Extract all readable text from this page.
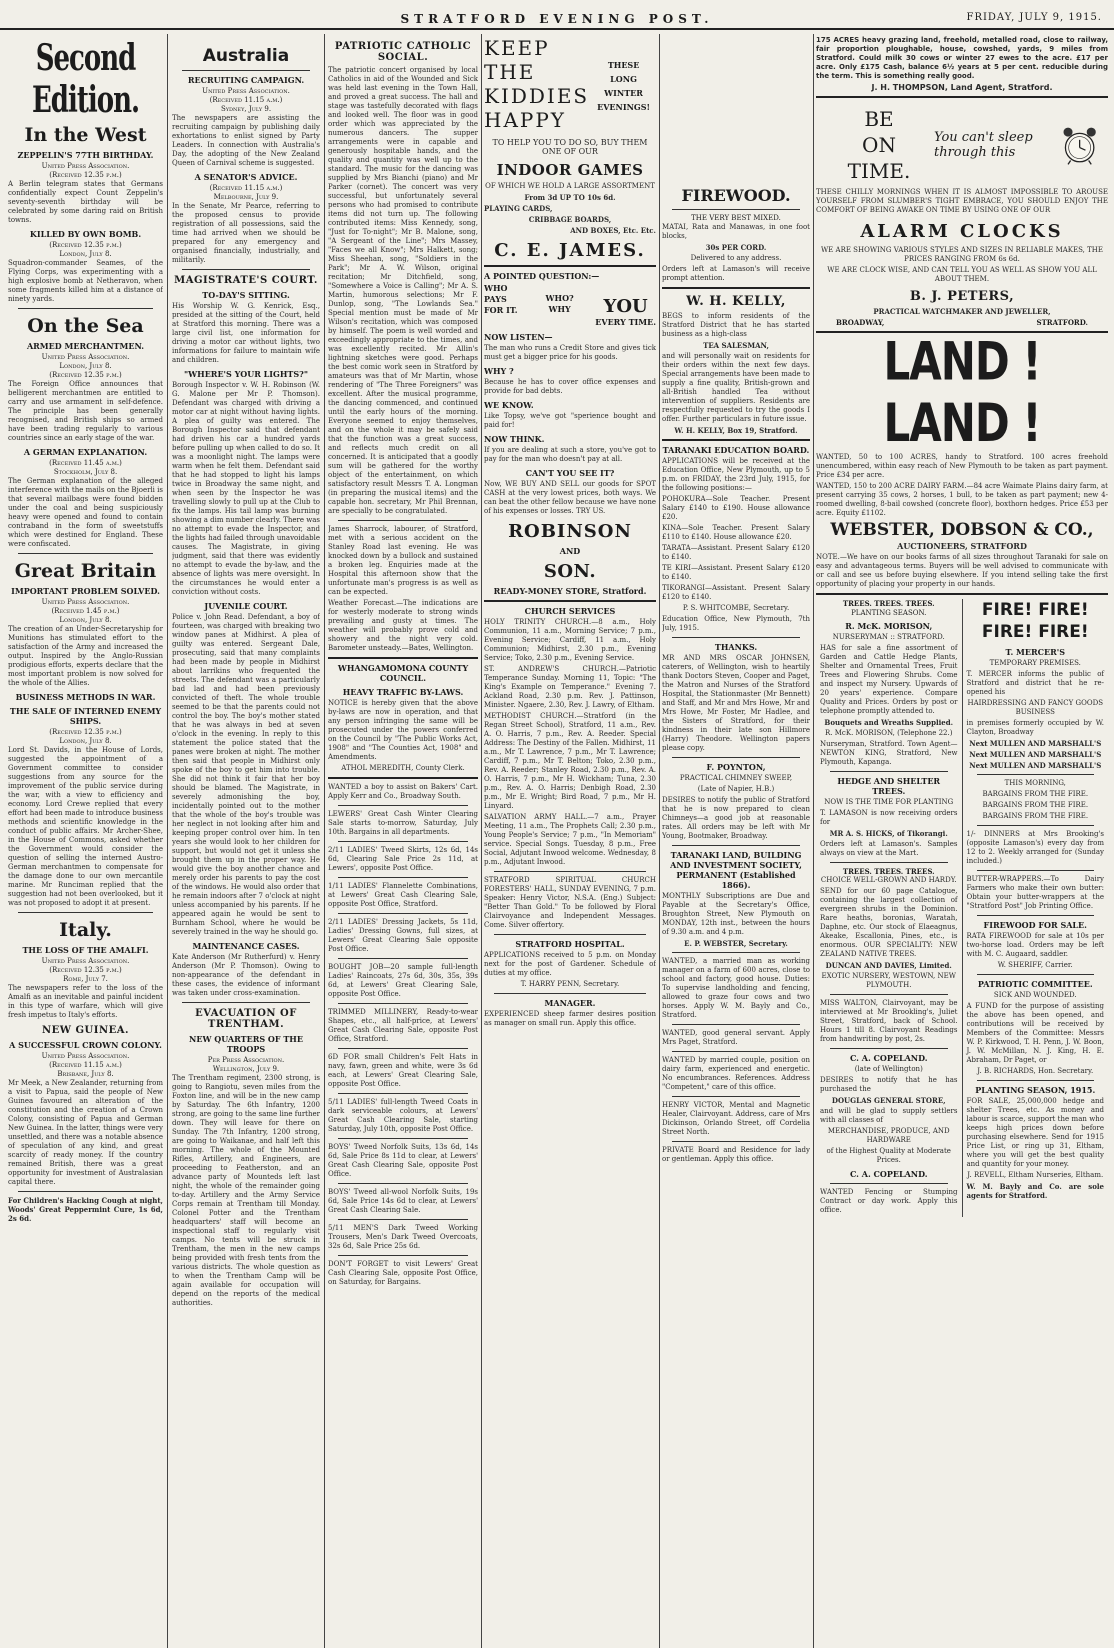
STRATFORD EVENING POST.	FRIDAY, JULY 9, 1915.
Second Edition.
In the West
ZEPPELIN'S 77TH BIRTHDAY.
United Press Association.
(Received 12.35 p.m.)

A Berlin telegram states that Germans confidentially expect Count Zeppelin's seventy-seventh birthday will be celebrated by some daring raid on British towns.

KILLED BY OWN BOMB.
(Received 12.35 p.m.)
London, July 8.

Squadron-commander Seames, of the Flying Corps, was experimenting with a high explosive bomb at Netheravon, when some fragments killed him at a distance of ninety yards.

On the Sea
ARMED MERCHANTMEN.
United Press Association.
London, July 8.
(Received 12.35 p.m.)

The Foreign Office announces that belligerent merchantmen are entitled to carry and use armament in self-defence. The principle has been generally recognised, and British ships so armed have been trading regularly to various countries since an early stage of the war.

A GERMAN EXPLANATION.
(Received 11.45 a.m.)
Stockholm, July 8.

The German explanation of the alleged interference with the mails on the Bjoerli is that several mailbags were found bidden under the coal and being suspiciously heavy were opened and found to contain contraband in the form of sweetstuffs which were destined for England. These were confiscated.

Great Britain
IMPORTANT PROBLEM SOLVED.
United Press Association.
(Received 1.45 p.m.)
London, July 8.

The creation of an Under-Secretaryship for Munitions has stimulated effort to the satisfaction of the Army and increased the output. Inspired by the Anglo-Russian prodigious efforts, experts declare that the most important problem is now solved for the whole of the Allies.

BUSINESS METHODS IN WAR.
THE SALE OF INTERNED ENEMY SHIPS.
(Received 12.35 p.m.)
London, July 8.

Lord St. Davids, in the House of Lords, suggested the appointment of a Government committee to consider suggestions from any source for the improvement of the public service during the war, with a view to efficiency and economy. Lord Crewe replied that every effort had been made to introduce business methods and scientific knowledge in the conduct of public affairs. Mr Archer-Shee, in the House of Commons, asked whether the Government would consider the question of selling the interned Austro-German merchantmen to compensate for the damage done to our own mercantile marine. Mr Runciman replied that the suggestion had not been overlooked, but it was not proposed to adopt it at present.

Italy.
THE LOSS OF THE AMALFI.
United Press Association.
(Received 12.35 p.m.)
Rome, July 7.

The newspapers refer to the loss of the Amalfi as an inevitable and painful incident in this type of warfare, which will give fresh impetus to Italy's efforts.

NEW GUINEA.
A SUCCESSFUL CROWN COLONY.
United Press Association.
(Received 11.15 a.m.)
Brisbane, July 8.

Mr Meek, a New Zealander, returning from a visit to Papua, said the people of New Guinea favoured an alteration of the constitution and the creation of a Crown Colony, consisting of Papua and German New Guinea. In the latter, things were very unsettled, and there was a notable absence of speculation of any kind, and great scarcity of ready money. If the country remained British, there was a great opportunity for investment of Australasian capital there.

For Children's Hacking Cough at night, Woods' Great Peppermint Cure, 1s 6d, 2s 6d.

Australia
RECRUITING CAMPAIGN.
United Press Association.
(Received 11.15 a.m.)
Sydney, July 9.

The newspapers are assisting the recruiting campaign by publishing daily exhortations to enlist signed by Party Leaders. In connection with Australia's Day, the adopting of the New Zealand Queen of Carnival scheme is suggested.

A SENATOR'S ADVICE.
(Received 11.15 a.m.)
Melbourne, July 9.

In the Senate, Mr Pearce, referring to the proposed census to provide registration of all possessions, said the time had arrived when we should be prepared for any emergency and organised financially, industrially, and militarily.

MAGISTRATE'S COURT.
TO-DAY'S SITTING.

His Worship W. G. Kenrick, Esq., presided at the sitting of the Court, held at Stratford this morning. There was a large civil list, one information for driving a motor car without lights, two informations for failure to maintain wife and children.

"WHERE'S YOUR LIGHTS?"

Borough Inspector v. W. H. Robinson (W. G. Malone per Mr P. Thomson). Defendant was charged with driving a motor car at night without having lights. A plea of guilty was entered. The Borough Inspector said that defendant had driven his car a hundred yards before pulling up when called to do so. It was a moonlight night. The lamps were warm when he felt them. Defendant said that he had stopped to light his lamps twice in Broadway the same night, and when seen by the Inspector he was travelling slowly to pull up at the Club to fix the lamps. His tail lamp was burning showing a dim number clearly. There was no attempt to evade the Inspector, and the lights had failed through unavoidable causes. The Magistrate, in giving judgment, said that there was evidently no attempt to evade the by-law, and the absence of lights was mere oversight. In the circumstances he would enter a conviction without costs.

JUVENILE COURT.

Police v. John Read. Defendant, a boy of fourteen, was charged with breaking two window panes at Midhirst. A plea of guilty was entered. Sergeant Dale, prosecuting, said that many complaints had been made by people in Midhirst about larrikins who frequented the streets. The defendant was a particularly bad lad and had been previously convicted of theft. The whole trouble seemed to be that the parents could not control the boy. The boy's mother stated that he was always in bed at seven o'clock in the evening. In reply to this statement the police stated that the panes were broken at night. The mother then said that people in Midhirst only spoke of the boy to get him into trouble. She did not think it fair that her boy should be blamed. The Magistrate, in severely admonishing the boy, incidentally pointed out to the mother that the whole of the boy's trouble was her neglect in not looking after him and keeping proper control over him. In ten years she would look to her children for support, but would not get it unless she brought them up in the proper way. He would give the boy another chance and merely order his parents to pay the cost of the windows. He would also order that he remain indoors after 7 o'clock at night unless accompanied by his parents. If he appeared again he would be sent to Burnham School, where he would be severely trained in the way he should go.

MAINTENANCE CASES.

Kate Anderson (Mr Rutherfurd) v. Henry Anderson (Mr P. Thomson). Owing to non-appearance of the defendant in these cases, the evidence of informant was taken under cross-examination.

EVACUATION OF TRENTHAM.
NEW QUARTERS OF THE TROOPS
Per Press Association.
Wellington, July 9.

The Trentham regiment, 2300 strong, is going to Rangiotu, seven miles from the Foxton line, and will be in the new camp by Saturday. The 6th Infantry, 1200 strong, are going to the same line further down. They will leave for there on Sunday. The 7th Infantry, 1200 strong, are going to Waikanae, and half left this morning. The whole of the Mounted Rifles, Artillery, and Engineers, are proceeding to Featherston, and an advance party of Mounteds left last night, the whole of the remainder going to-day. Artillery and the Army Service Corps remain at Trentham till Monday. Colonel Potter and the Trentham headquarters' staff will become an inspectional staff to regularly visit camps. No tents will be struck in Trentham, the men in the new camps being provided with fresh tents from the various districts. The whole question as to when the Trentham Camp will be again available for occupation will depend on the reports of the medical authorities.

PATRIOTIC CATHOLIC SOCIAL.

The patriotic concert organised by local Catholics in aid of the Wounded and Sick was held last evening in the Town Hall, and proved a great success. The hall and stage was tastefully decorated with flags and looked well. The floor was in good order which was appreciated by the numerous dancers. The supper arrangements were in capable and generously hospitable hands, and the quality and quantity was well up to the standard. The music for the dancing was supplied by Mrs Bianchi (piano) and Mr Parker (cornet). The concert was very successful, but unfortunately several persons who had promised to contribute items did not turn up. The following contributed items: Miss Kennedy, song, "Just for To-night"; Mr B. Malone, song, "A Sergeant of the Line"; Mrs Massey, "Faces we all Know"; Mrs Halkett, song; Miss Sheehan, song, "Soldiers in the Park"; Mr A. W. Wilson, original recitation; Mr Ditchfield, song, "Somewhere a Voice is Calling"; Mr A. S. Martin, humorous selections; Mr F. Dunlop, song, "The Lowlands Sea." Special mention must be made of Mr Wilson's recitation, which was composed by himself. The poem is well worded and exceedingly appropriate to the times, and was excellently recited. Mr Allin's lightning sketches were good. Perhaps the best comic work seen in Stratford by amateurs was that of Mr Martin, whose rendering of "The Three Foreigners" was excellent. After the musical programme, the dancing commenced, and continued until the early hours of the morning. Everyone seemed to enjoy themselves, and on the whole it may be safely said that the function was a great success, and reflects much credit on all concerned. It is anticipated that a goodly sum will be gathered for the worthy object of the entertainment, on which satisfactory result Messrs T. A. Longman (in preparing the musical items) and the capable hon. secretary, Mr Phil Brennan, are specially to be congratulated.

James Sharrock, labourer, of Stratford, met with a serious accident on the Stanley Road last evening. He was knocked down by a bullock and sustained a broken leg. Enquiries made at the Hospital this afternoon show that the unfortunate man's progress is as well as can be expected.

Weather Forecast.—The indications are for westerly moderate to strong winds prevailing and gusty at times. The weather will probably prove cold and showery and the night very cold. Barometer unsteady.—Bates, Wellington.

WHANGAMOMONA COUNTY COUNCIL.
HEAVY TRAFFIC BY-LAWS.

NOTICE is hereby given that the above by-laws are now in operation, and that any person infringing the same will be prosecuted under the powers conferred on the Council by "The Public Works Act, 1908" and "The Counties Act, 1908" and Amendments.

ATHOL MEREDITH, County Clerk.

WANTED a boy to assist on Bakers' Cart. Apply Kerr and Co., Broadway South.

LEWERS' Great Cash Winter Clearing Sale starts to-morrow, Saturday, July 10th. Bargains in all departments.

2/11 LADIES' Tweed Skirts, 12s 6d, 14s 6d, Clearing Sale Price 2s 11d, at Lewers', opposite Post Office.

1/11 LADIES' Flannelette Combinations, at Lewers' Great Cash Clearing Sale, opposite Post Office, Stratford.

2/11 LADIES' Dressing Jackets, 5s 11d, Ladies' Dressing Gowns, full sizes, at Lewers' Great Clearing Sale opposite Post Office.

BOUGHT JOB—20 sample full-length Ladies' Raincoats, 27s 6d, 30s, 35s, 39s 6d, at Lewers' Great Clearing Sale, opposite Post Office.

TRIMMED MILLINERY, Ready-to-wear Shapes, etc., all half-price, at Lewers' Great Cash Clearing Sale, opposite Post Office, Stratford.

6D FOR small Children's Felt Hats in navy, fawn, green and white, were 3s 6d each, at Lewers' Great Clearing Sale, opposite Post Office.

5/11 LADIES' full-length Tweed Coats in dark serviceable colours, at Lewers' Great Cash Clearing Sale, starting Saturday, July 10th, opposite Post Office.

BOYS' Tweed Norfolk Suits, 13s 6d, 14s 6d, Sale Price 8s 11d to clear, at Lewers' Great Cash Clearing Sale, opposite Post Office.

BOYS' Tweed all-wool Norfolk Suits, 19s 6d, Sale Price 14s 6d to clear, at Lewers' Great Cash Clearing Sale.

5/11 MEN'S Dark Tweed Working Trousers, Men's Dark Tweed Overcoats, 32s 6d, Sale Price 25s 6d.

DON'T FORGET to visit Lewers' Great Cash Clearing Sale, opposite Post Office, on Saturday, for Bargains.

KEEP
THE
KIDDIES
HAPPY
THESE
LONG
WINTER
EVENINGS!

TO HELP YOU TO DO SO, BUY THEM ONE OF OUR

INDOOR GAMES

OF WHICH WE HOLD A LARGE ASSORTMENT

From 3d UP TO 10s 6d.

PLAYING CARDS,

CRIBBAGE BOARDS,

AND BOXES, Etc. Etc.

C. E. JAMES.
A POINTED QUESTION:—
WHO PAYS FOR IT.
WHO?
WHY	YOU
EVERY TIME.
NOW LISTEN—

The man who runs a Credit Store and gives tick must get a bigger price for his goods.

WHY ?

Because he has to cover office expenses and provide for bad debts.

WE KNOW.

Like Topsy, we've got "sperience bought and paid for!

NOW THINK.

If you are dealing at such a store, you've got to pay for the man who doesn't pay at all.

CAN'T YOU SEE IT?

Now, WE BUY AND SELL our goods for SPOT CASH at the very lowest prices, both ways. We can beat the other fellow because we have none of his expenses or losses. TRY US.

ROBINSON
AND
SON.
READY-MONEY STORE, Stratford.
CHURCH SERVICES

HOLY TRINITY CHURCH.—8 a.m., Holy Communion, 11 a.m., Morning Service; 7 p.m., Evening Service; Cardiff, 11 a.m., Holy Communion; Midhirst, 2.30 p.m., Evening Service; Toko, 2.30 p.m., Evening Service.

ST. ANDREW'S CHURCH.—Patriotic Temperance Sunday. Morning 11, Topic: "The King's Example on Temperance." Evening 7. Ackland Road, 2.30 p.m. Rev. J. Pattinson, Minister. Ngaere, 2.30, Rev. J. Lawry, of Eltham.

METHODIST CHURCH.—Stratford (in the Regan Street School), Stratford, 11 a.m., Rev. A. O. Harris, 7 p.m., Rev. A. Reeder. Special Address: The Destiny of the Fallen. Midhirst, 11 a.m., Mr T. Lawrence, 7 p.m., Mr T. Lawrence; Cardiff, 7 p.m., Mr T. Belton; Toko, 2.30 p.m., Rev. A. Reeder; Stanley Road, 2.30 p.m., Rev. A. O. Harris, 7 p.m., Mr H. Wickham; Tuna, 2.30 p.m., Rev. A. O. Harris; Denbigh Road, 2.30 p.m., Mr E. Wright; Bird Road, 7 p.m., Mr H. Linyard.

SALVATION ARMY HALL.—7 a.m., Prayer Meeting, 11 a.m., The Prophets Call; 2.30 p.m., Young People's Service; 7 p.m., "In Memoriam" service. Special Songs. Tuesday, 8 p.m., Free Social, Adjutant Inwood welcome. Wednesday, 8 p.m., Adjutant Inwood.

STRATFORD SPIRITUAL CHURCH FORESTERS' HALL, SUNDAY EVENING, 7 p.m. Speaker: Henry Victor, N.S.A. (Eng.) Subject: "Better Than Gold." To be followed by Floral Clairvoyance and Independent Messages. Come. Silver offertory.

STRATFORD HOSPITAL.

APPLICATIONS received to 5 p.m. on Monday next for the post of Gardener. Schedule of duties at my office.

T. HARRY PENN, Secretary.

MANAGER.

EXPERIENCED sheep farmer desires position as manager on small run. Apply this office.

FIREWOOD.
THE VERY BEST MIXED.

MATAI, Rata and Manawas, in one foot blocks,

30s PER CORD.

Delivered to any address.

Orders left at Lamason's will receive prompt attention.

W. H. KELLY,

BEGS to inform residents of the Stratford District that he has started business as a high-class

TEA SALESMAN,

and will personally wait on residents for their orders within the next few days. Special arrangements have been made to supply a fine quality, British-grown and all-British handled Tea without intervention of suppliers. Residents are respectfully requested to try the goods I offer. Further particulars in future issue.

W. H. KELLY, Box 19, Stratford.

TARANAKI EDUCATION BOARD.

APPLICATIONS will be received at the Education Office, New Plymouth, up to 5 p.m. on FRIDAY, the 23rd July, 1915, for the following positions:—

POHOKURA—Sole Teacher. Present Salary £140 to £190. House allowance £20.

KINA—Sole Teacher. Present Salary £110 to £140. House allowance £20.

TARATA—Assistant. Present Salary £120 to £140.

TE KIRI—Assistant. Present Salary £120 to £140.

TIKORANGI—Assistant. Present Salary £120 to £140.

P. S. WHITCOMBE, Secretary.

Education Office, New Plymouth, 7th July, 1915.

THANKS.

MR AND MRS OSCAR JOHNSEN, caterers, of Wellington, wish to heartily thank Doctors Steven, Cooper and Paget, the Matron and Nurses of the Stratford Hospital, the Stationmaster (Mr Bennett) and Staff, and Mr and Mrs Howe, Mr and Mrs Howe, Mr Foster, Mr Hadlee, and the Sisters of Stratford, for their kindness in their late son Hillmore (Harry) Theodore. Wellington papers please copy.

F. POYNTON,

PRACTICAL CHIMNEY SWEEP,

(Late of Napier, H.B.)

DESIRES to notify the public of Stratford that he is now prepared to clean Chimneys—a good job at reasonable rates. All orders may be left with Mr Young, Bootmaker, Broadway.

TARANAKI LAND, BUILDING AND INVESTMENT SOCIETY, PERMANENT (Established 1866).

MONTHLY Subscriptions are Due and Payable at the Secretary's Office, Broughton Street, New Plymouth on MONDAY, 12th inst., between the hours of 9.30 a.m. and 4 p.m.

E. P. WEBSTER, Secretary.

WANTED, a married man as working manager on a farm of 600 acres, close to school and factory, good house. Duties: To supervise landholding and fencing, allowed to graze four cows and two horses. Apply W. M. Bayly and Co., Stratford.

WANTED, good general servant. Apply Mrs Paget, Stratford.

WANTED by married couple, position on dairy farm, experienced and energetic. No encumbrances. References. Address "Competent," care of this office.

HENRY VICTOR, Mental and Magnetic Healer, Clairvoyant. Address, care of Mrs Dickinson, Orlando Street, off Cordelia Street North.

PRIVATE Board and Residence for lady or gentleman. Apply this office.

175 ACRES heavy grazing land, freehold, metalled road, close to railway, fair proportion ploughable, house, cowshed, yards, 9 miles from Stratford. Could milk 30 cows or winter 27 ewes to the acre. £17 per acre. Only £175 Cash, balance 6½ years at 5 per cent. reducible during the term. This is something really good.

J. H. THOMPSON, Land Agent, Stratford.

BE
ON
TIME.
You can't sleep through this

THESE CHILLY MORNINGS WHEN IT IS ALMOST IMPOSSIBLE TO AROUSE YOURSELF FROM SLUMBER'S TIGHT EMBRACE, YOU SHOULD ENJOY THE COMFORT OF BEING AWAKE ON TIME BY USING ONE OF OUR

ALARM CLOCKS

WE ARE SHOWING VARIOUS STYLES AND SIZES IN RELIABLE MAKES, THE PRICES RANGING FROM 6s 6d.

WE ARE CLOCK WISE, AND CAN TELL YOU AS WELL AS SHOW YOU ALL ABOUT THEM.

B. J. PETERS,

PRACTICAL WATCHMAKER AND JEWELLER,

BROADWAY,	STRATFORD.
LAND ! LAND !

WANTED, 50 to 100 ACRES, handy to Stratford. 100 acres freehold unencumbered, within easy reach of New Plymouth to be taken as part payment. Price £34 per acre.

WANTED, 150 to 200 ACRE DAIRY FARM.—84 acre Waimate Plains dairy farm, at present carrying 35 cows, 2 horses, 1 bull, to be taken as part payment; new 4-roomed dwelling, 8-bail cowshed (concrete floor), boxthorn hedges. Price £53 per acre. Equity £1102.

WEBSTER, DOBSON & CO.,

AUCTIONEERS, STRATFORD

NOTE.—We have on our books farms of all sizes throughout Taranaki for sale on easy and advantageous terms. Buyers will be well advised to communicate with or call and see us before buying elsewhere. If you intend selling take the first opportunity of placing your property in our hands.

TREES. TREES. TREES.
PLANTING SEASON.
R. McK. MORISON,

NURSERYMAN :: STRATFORD.

HAS for sale a fine assortment of Garden and Cattle Hedge Plants, Shelter and Ornamental Trees, Fruit Trees and Flowering Shrubs. Come and inspect my Nursery. Upwards of 20 years' experience. Compare Quality and Prices. Orders by post or telephone promptly attended to.

Bouquets and Wreaths Supplied.

R. McK. MORISON, (Telephone 22.)

Nurseryman, Stratford. Town Agent—NEWTON KING, Stratford, New Plymouth, Kapanga.

HEDGE AND SHELTER TREES.

NOW IS THE TIME FOR PLANTING

T. LAMASON is now receiving orders for

MR A. S. HICKS, of Tikorangi.

Orders left at Lamason's. Samples always on view at the Mart.

TREES. TREES. TREES.

CHOICE WELL-GROWN AND HARDY.

SEND for our 60 page Catalogue, containing the largest collection of evergreen shrubs in the Dominion. Rare heaths, boronias, Waratah, Daphne, etc. Our stock of Elaeagnus, Akeake, Escallonia, Pines, etc., is enormous. OUR SPECIALITY: NEW ZEALAND NATIVE TREES.

DUNCAN AND DAVIES, Limited.

EXOTIC NURSERY, WESTOWN, NEW PLYMOUTH.

MISS WALTON, Clairvoyant, may be interviewed at Mr Brookling's, Juliet Street, Stratford, back of School. Hours 1 till 8. Clairvoyant Readings from handwriting by post, 2s.

C. A. COPELAND.

(late of Wellington)

DESIRES to notify that he has purchased the

DOUGLAS GENERAL STORE,

and will be glad to supply settlers with all classes of

MERCHANDISE, PRODUCE, AND HARDWARE

of the Highest Quality at Moderate Prices.

C. A. COPELAND.

WANTED Fencing or Stumping Contract or day work. Apply this office.

FIRE! FIRE! FIRE! FIRE!
T. MERCER'S

TEMPORARY PREMISES.

T. MERCER informs the public of Stratford and district that he re-opened his

HAIRDRESSING AND FANCY GOODS BUSINESS

in premises formerly occupied by W. Clayton, Broadway

Next MULLEN AND MARSHALL'S

Next MULLEN AND MARSHALL'S

Next MULLEN AND MARSHALL'S

THIS MORNING,

BARGAINS FROM THE FIRE.

BARGAINS FROM THE FIRE.

BARGAINS FROM THE FIRE.

1/- DINNERS at Mrs Brooking's (opposite Lamason's) every day from 12 to 2. Weekly arranged for (Sunday included.)

BUTTER-WRAPPERS.—To Dairy Farmers who make their own butter: Obtain your butter-wrappers at the "Stratford Post" Job Printing Office.

FIREWOOD FOR SALE.

RATA FIREWOOD for sale at 10s per two-horse load. Orders may be left with M. C. Augaard, saddler.

W. SHERIFF, Carrier.

PATRIOTIC COMMITTEE.

SICK AND WOUNDED.

A FUND for the purpose of assisting the above has been opened, and contributions will be received by Members of the Committee: Messrs W. P. Kirkwood, T. H. Penn, J. W. Boon, J. W. McMillan, N. J. King, H. E. Abraham, Dr Paget, or

J. B. RICHARDS, Hon. Secretary.

PLANTING SEASON, 1915.

FOR SALE, 25,000,000 hedge and shelter Trees, etc. As money and labour is scarce, support the man who keeps high prices down before purchasing elsewhere. Send for 1915 Price List, or ring up 31, Eltham, where you will get the best quality and quantity for your money.

J. REVELL, Eltham Nurseries, Eltham.

W. M. Bayly and Co. are sole agents for Stratford.
